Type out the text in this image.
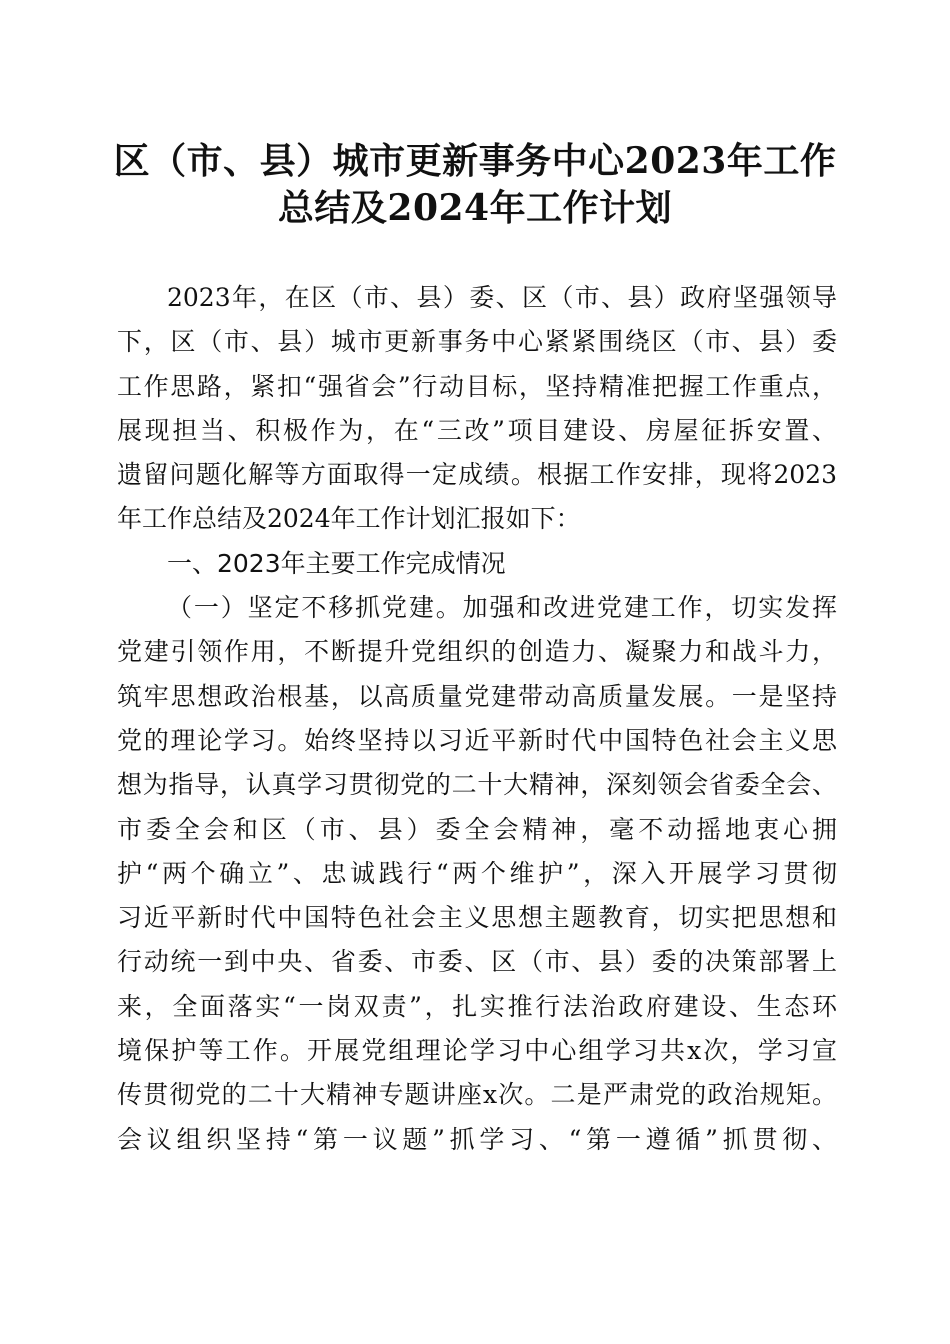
区（市、县）城市更新事务中心2023年工作
总结及2024年工作计划
2023年，在区（市、县）委、区（市、县）政府坚强领导
下，区（市、县）城市更新事务中心紧紧围绕区（市、县）委
工作思路，紧扣“强省会”行动目标，坚持精准把握工作重点，
展现担当、积极作为，在“三改”项目建设、房屋征拆安置、
遗留问题化解等方面取得一定成绩。根据工作安排，现将2023
年工作总结及2024年工作计划汇报如下：
一、2023年主要工作完成情况
（一）坚定不移抓党建。加强和改进党建工作，切实发挥
党建引领作用，不断提升党组织的创造力、凝聚力和战斗力，
筑牢思想政治根基，以高质量党建带动高质量发展。一是坚持
党的理论学习。始终坚持以习近平新时代中国特色社会主义思
想为指导，认真学习贯彻党的二十大精神，深刻领会省委全会、
市委全会和区（市、县）委全会精神，毫不动摇地衷心拥
护“两个确立”、忠诚践行“两个维护”，深入开展学习贯彻
习近平新时代中国特色社会主义思想主题教育，切实把思想和
行动统一到中央、省委、市委、区（市、县）委的决策部署上
来，全面落实“一岗双责”，扎实推行法治政府建设、生态环
境保护等工作。开展党组理论学习中心组学习共x次，学习宣
传贯彻党的二十大精神专题讲座x次。二是严肃党的政治规矩。
会议组织坚持“第一议题”抓学习、“第一遵循”抓贯彻、
